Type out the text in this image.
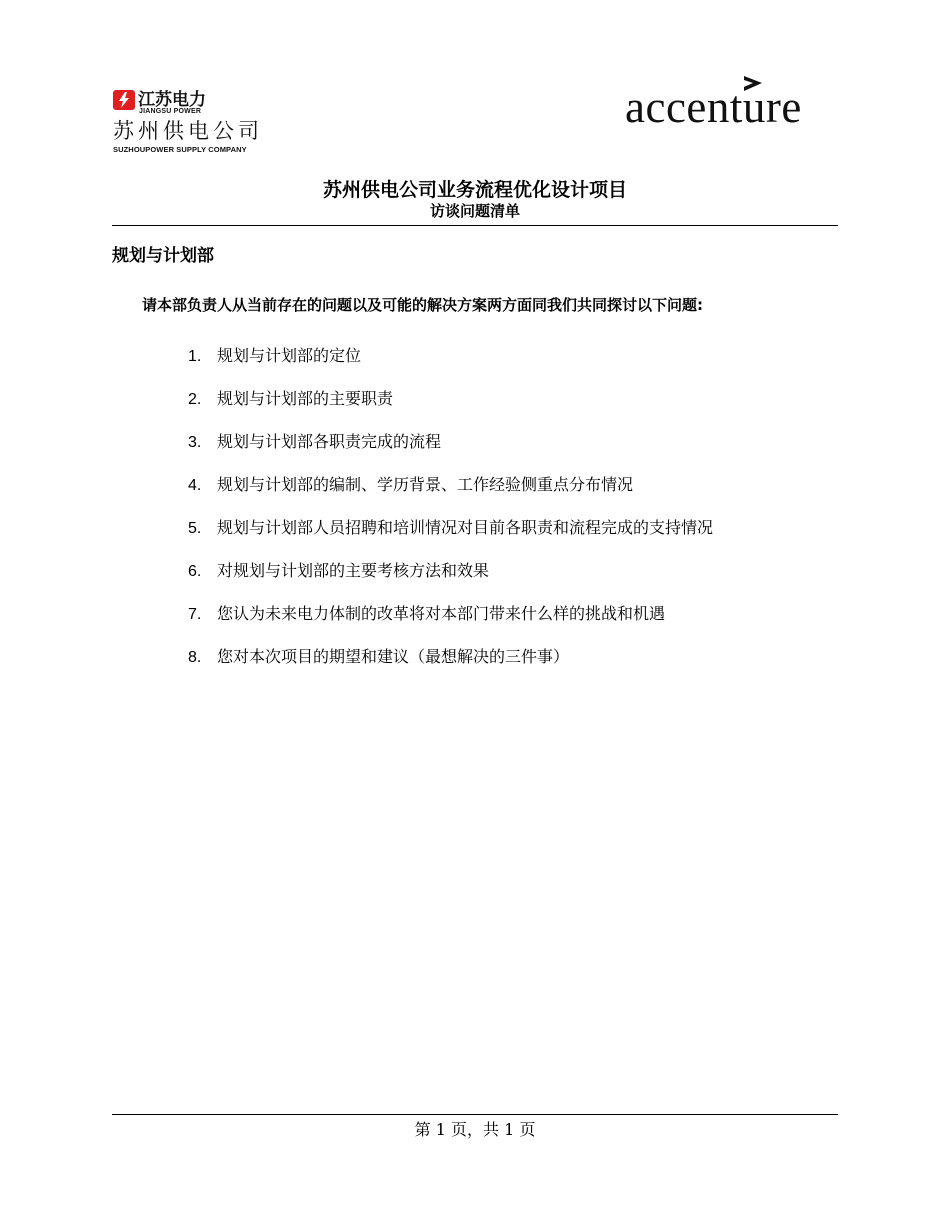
江苏电力
JIANGSU POWER
苏州供电公司
SUZHOUPOWER SUPPLY COMPANY
accenture

苏州供电公司业务流程优化设计项目

访谈问题清单

规划与计划部
请本部负责人从当前存在的问题以及可能的解决方案两方面同我们共同探讨以下问题:
1. 规划与计划部的定位
2. 规划与计划部的主要职责
3. 规划与计划部各职责完成的流程
4. 规划与计划部的编制、学历背景、工作经验侧重点分布情况
5. 规划与计划部人员招聘和培训情况对目前各职责和流程完成的支持情况
6. 对规划与计划部的主要考核方法和效果
7. 您认为未来电力体制的改革将对本部门带来什么样的挑战和机遇
8. 您对本次项目的期望和建议（最想解决的三件事）
第 1 页，共 1 页
